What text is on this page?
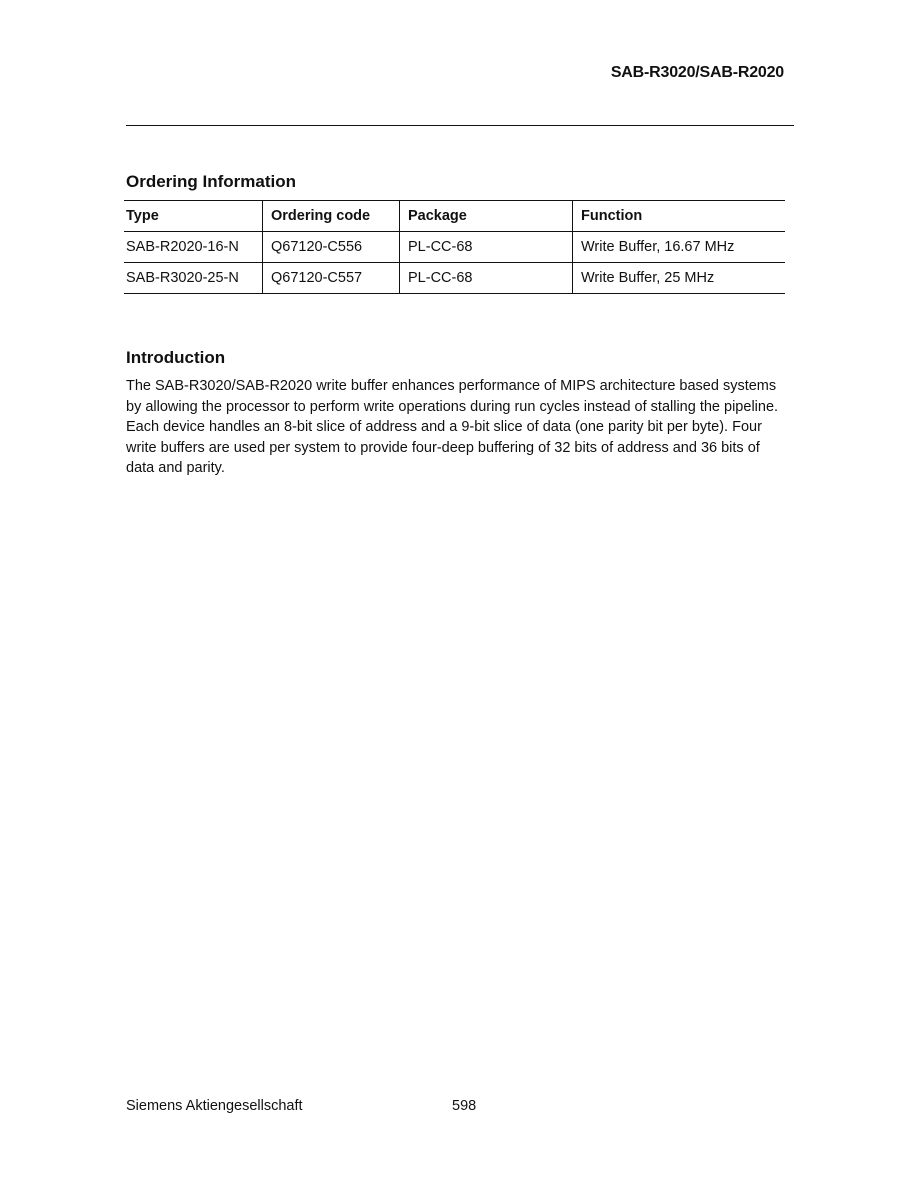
SAB-R3020/SAB-R2020
Ordering Information
Type	Ordering code	Package	Function
SAB-R2020-16-N	Q67120-C556	PL-CC-68	Write Buffer, 16.67 MHz
SAB-R3020-25-N	Q67120-C557	PL-CC-68	Write Buffer, 25 MHz
Introduction

The SAB-R3020/SAB-R2020 write buffer enhances performance of MIPS architecture based systems by allowing the processor to perform write operations during run cycles instead of stalling the pipeline. Each device handles an 8-bit slice of address and a 9-bit slice of data (one parity bit per byte). Four write buffers are used per system to provide four-deep buffering of 32 bits of address and 36 bits of data and parity.

Siemens Aktiengesellschaft	598
